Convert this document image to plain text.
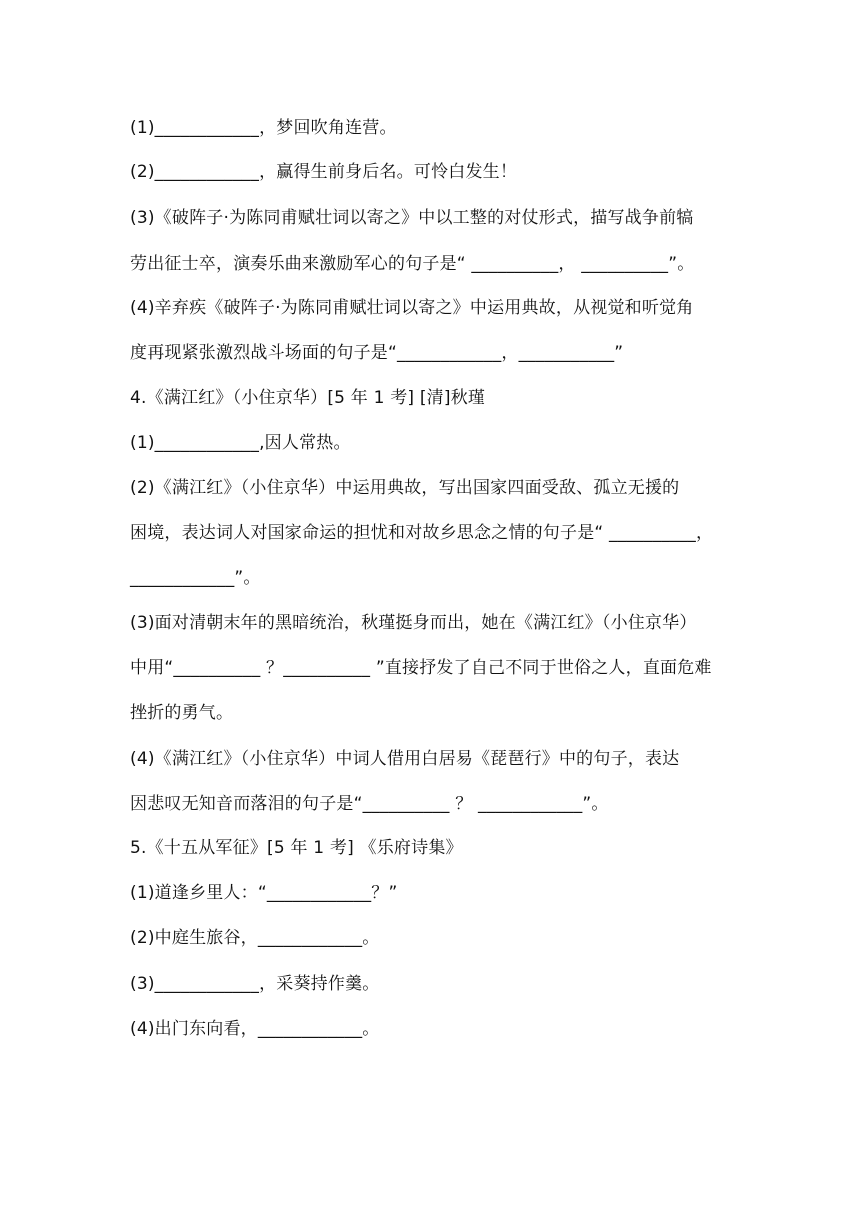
(1)____________，梦回吹角连营。
(2)____________，赢得生前身后名。可怜白发生！
(3)《破阵子·为陈同甫赋壮词以寄之》中以工整的对仗形式，描写战争前犒
劳出征士卒，演奏乐曲来激励军心的句子是“ __________， __________”。
(4)辛弃疾《破阵子·为陈同甫赋壮词以寄之》中运用典故，从视觉和听觉角
度再现紧张激烈战斗场面的句子是“____________，___________”
4.《满江红》（小住京华）[5 年 1 考] [清]秋瑾
(1)____________,因人常热。
(2)《满江红》（小住京华）中运用典故，写出国家四面受敌、孤立无援的
困境，表达词人对国家命运的担忧和对故乡思念之情的句子是“ __________，
____________”。
(3)面对清朝末年的黑暗统治，秋瑾挺身而出，她在《满江红》（小住京华）
中用“__________ ？__________ ”直接抒发了自己不同于世俗之人，直面危难
挫折的勇气。
(4)《满江红》（小住京华）中词人借用白居易《琵琶行》中的句子，表达
因悲叹无知音而落泪的句子是“__________ ？ ____________”。
5.《十五从军征》[5 年 1 考] 《乐府诗集》
(1)道逢乡里人：“____________？”
(2)中庭生旅谷，____________。
(3)____________，采葵持作羹。
(4)出门东向看，____________。
